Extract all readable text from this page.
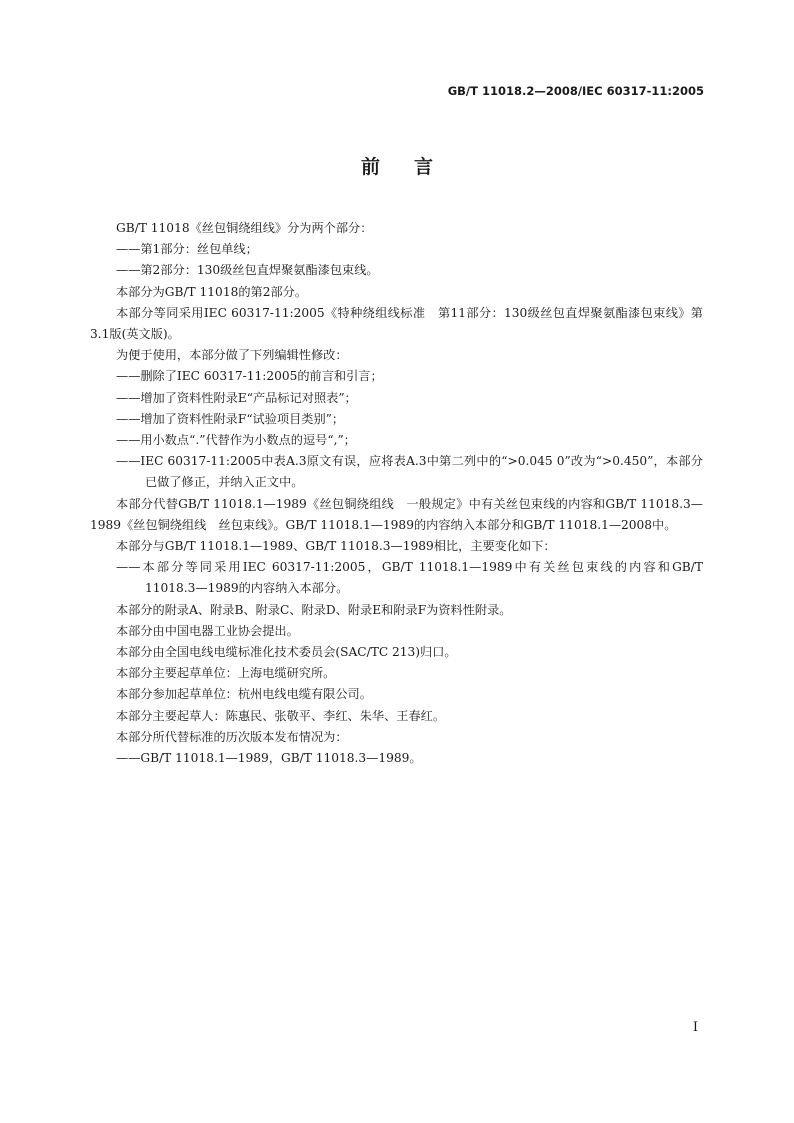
GB/T 11018.2—2008/IEC 60317-11:2005
前言

GB/T 11018《丝包铜绕组线》分为两个部分：

——第1部分：丝包单线；

——第2部分：130级丝包直焊聚氨酯漆包束线。

本部分为GB/T 11018的第2部分。

本部分等同采用IEC 60317-11:2005《特种绕组线标准　第11部分：130级丝包直焊聚氨酯漆包束线》第3.1版(英文版)。

为便于使用，本部分做了下列编辑性修改：

——删除了IEC 60317-11:2005的前言和引言；

——增加了资料性附录E“产品标记对照表”；

——增加了资料性附录F“试验项目类别”；

——用小数点“.”代替作为小数点的逗号“,”；

——IEC 60317-11:2005中表A.3原文有误，应将表A.3中第二列中的“>0.045 0”改为“>0.450”，本部分已做了修正，并纳入正文中。

本部分代替GB/T 11018.1—1989《丝包铜绕组线　一般规定》中有关丝包束线的内容和GB/T 11018.3—1989《丝包铜绕组线　丝包束线》。GB/T 11018.1—1989的内容纳入本部分和GB/T 11018.1—2008中。

本部分与GB/T 11018.1—1989、GB/T 11018.3—1989相比，主要变化如下：

——本部分等同采用IEC 60317-11:2005，GB/T 11018.1—1989中有关丝包束线的内容和GB/T 11018.3—1989的内容纳入本部分。

本部分的附录A、附录B、附录C、附录D、附录E和附录F为资料性附录。

本部分由中国电器工业协会提出。

本部分由全国电线电缆标准化技术委员会(SAC/TC 213)归口。

本部分主要起草单位：上海电缆研究所。

本部分参加起草单位：杭州电线电缆有限公司。

本部分主要起草人：陈惠民、张敬平、李红、朱华、王春红。

本部分所代替标准的历次版本发布情况为：

——GB/T 11018.1—1989，GB/T 11018.3—1989。

I
